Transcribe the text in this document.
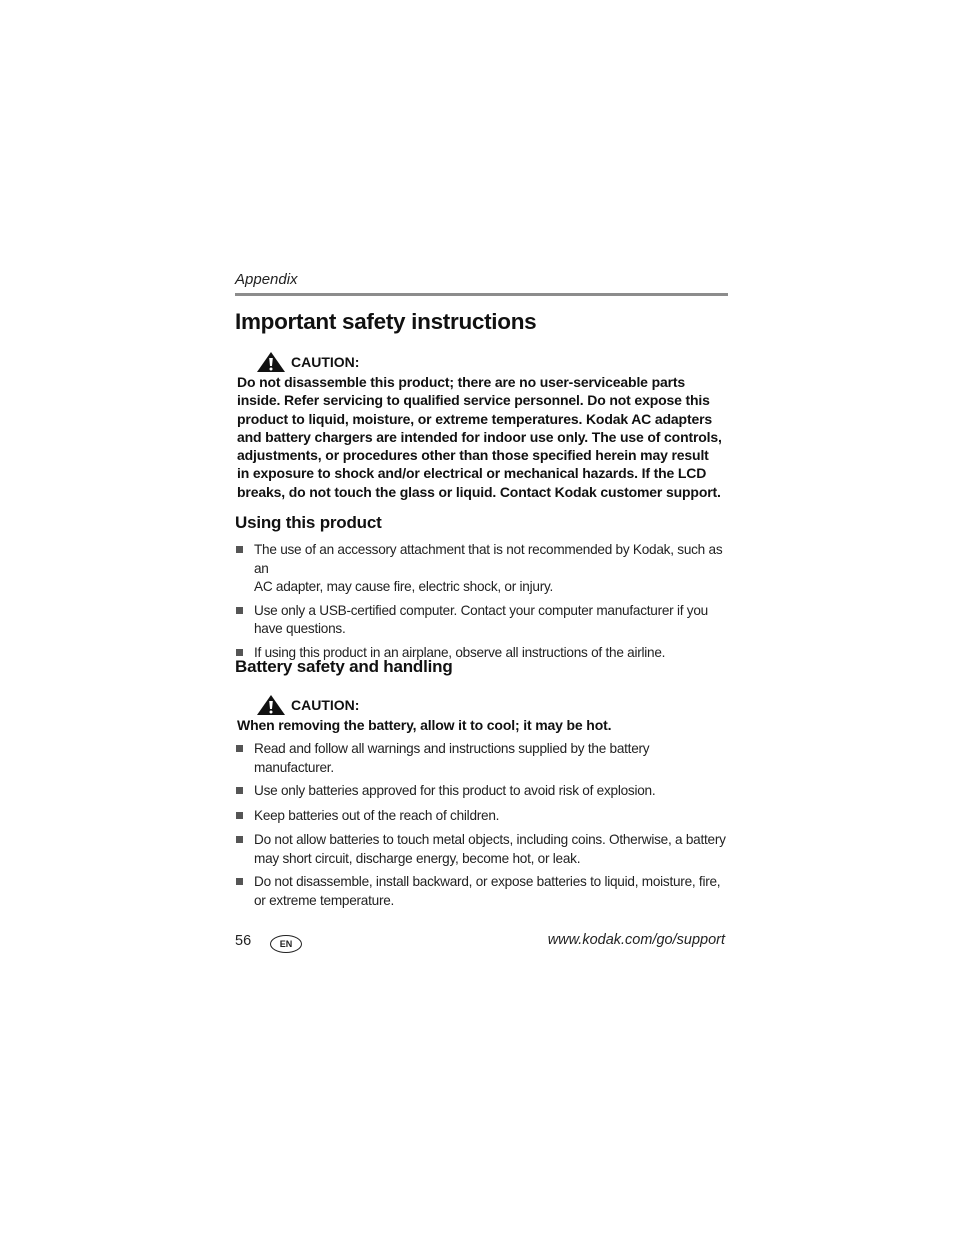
Appendix
Important safety instructions
CAUTION:
Do not disassemble this product; there are no user-serviceable parts
inside. Refer servicing to qualified service personnel. Do not expose this
product to liquid, moisture, or extreme temperatures. Kodak AC adapters
and battery chargers are intended for indoor use only. The use of controls,
adjustments, or procedures other than those specified herein may result
in exposure to shock and/or electrical or mechanical hazards. If the LCD
breaks, do not touch the glass or liquid. Contact Kodak customer support.
Using this product
The use of an accessory attachment that is not recommended by Kodak, such as an
AC adapter, may cause fire, electric shock, or injury.
Use only a USB-certified computer. Contact your computer manufacturer if you
have questions.
If using this product in an airplane, observe all instructions of the airline.
Battery safety and handling
CAUTION:
When removing the battery, allow it to cool; it may be hot.
Read and follow all warnings and instructions supplied by the battery
manufacturer.
Use only batteries approved for this product to avoid risk of explosion.
Keep batteries out of the reach of children.
Do not allow batteries to touch metal objects, including coins. Otherwise, a battery
may short circuit, discharge energy, become hot, or leak.
Do not disassemble, install backward, or expose batteries to liquid, moisture, fire,
or extreme temperature.
56	EN	www.kodak.com/go/support
